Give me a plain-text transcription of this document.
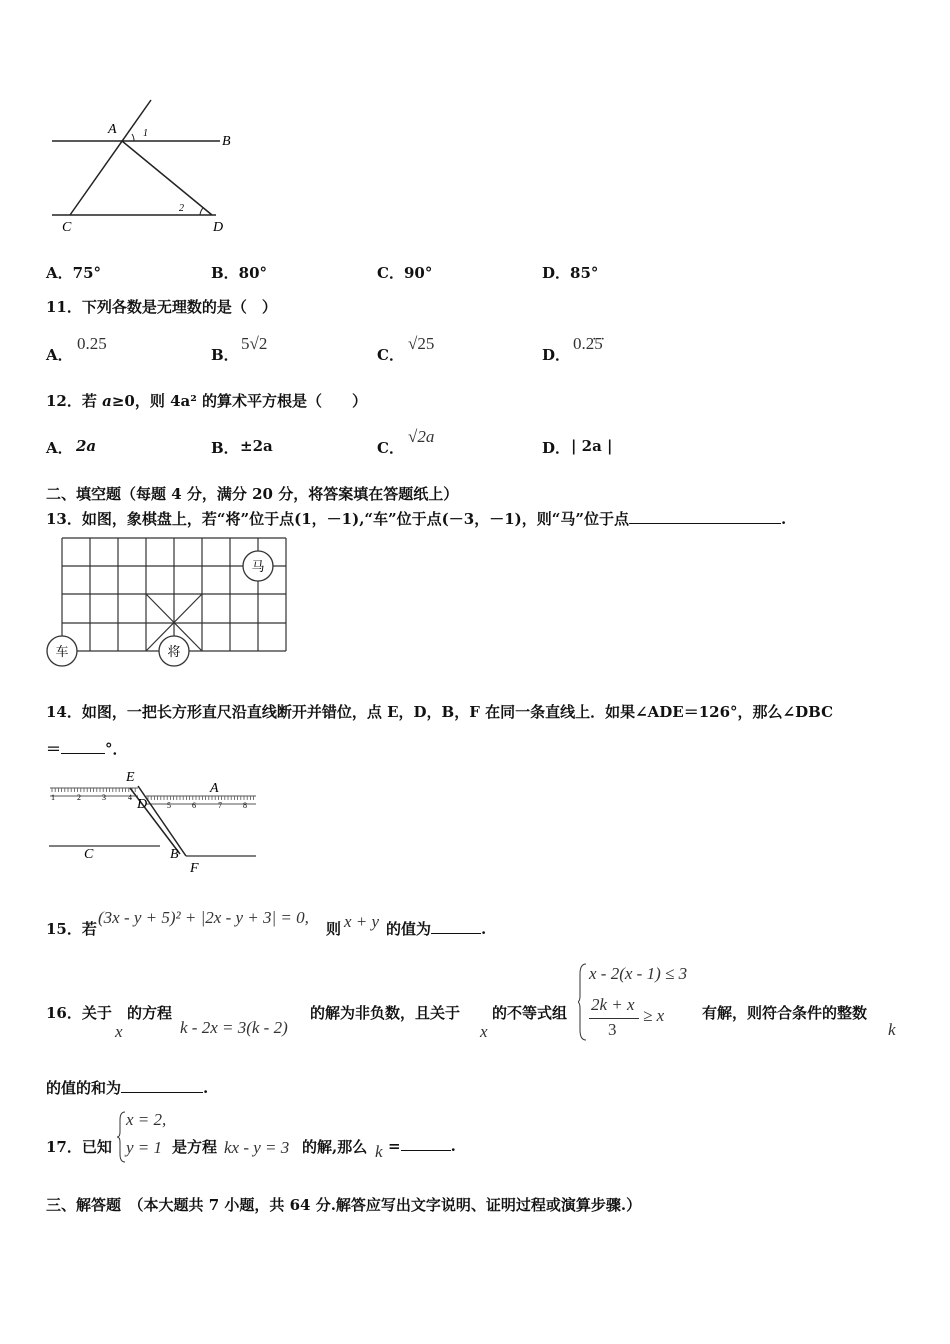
A
B
C	D
1
2
A．75°	B．80°	C．90°	D．85°
11．下列各数是无理数的是（　）
A．
0.25
B．
5√2
C．
√25
D．
0.2̇5̇
12．若 a≥0，则 4a² 的算术平方根是（　　）
A． 2a	B． ±2a	C．
√2a
D． | 2a |
二、填空题（每题 4 分，满分 20 分，将答案填在答题纸上）
13．如图，象棋盘上，若“将”位于点(1，－1),“车”位于点(－3，－1)，则“马”位于点	.
马
车	将
14．如图，一把长方形直尺沿直线断开并错位，点 E，D，B，F 在同一条直线上．如果∠ADE＝126°，那么∠DBC
＝	°．
E
D
A
C	B
F
1	2	3	4
5	6	7	8
15．若
(3x - y + 5)² + |2x - y + 3| = 0,
则 x + y 的值为	.
16．关于
x
的方程
k - 2x = 3(k - 2)
的解为非负数，且关于
x
的不等式组
x - 2(x - 1) ≤ 3
2k + x
3
≥ x	有解，则符合条件的整数
k
的值的和为	.
17．已知
x = 2,
y = 1 是方程 kx - y = 3 的解,那么 k =	.
三、解答题　（本大题共 7 小题，共 64 分.解答应写出文字说明、证明过程或演算步骤.）
